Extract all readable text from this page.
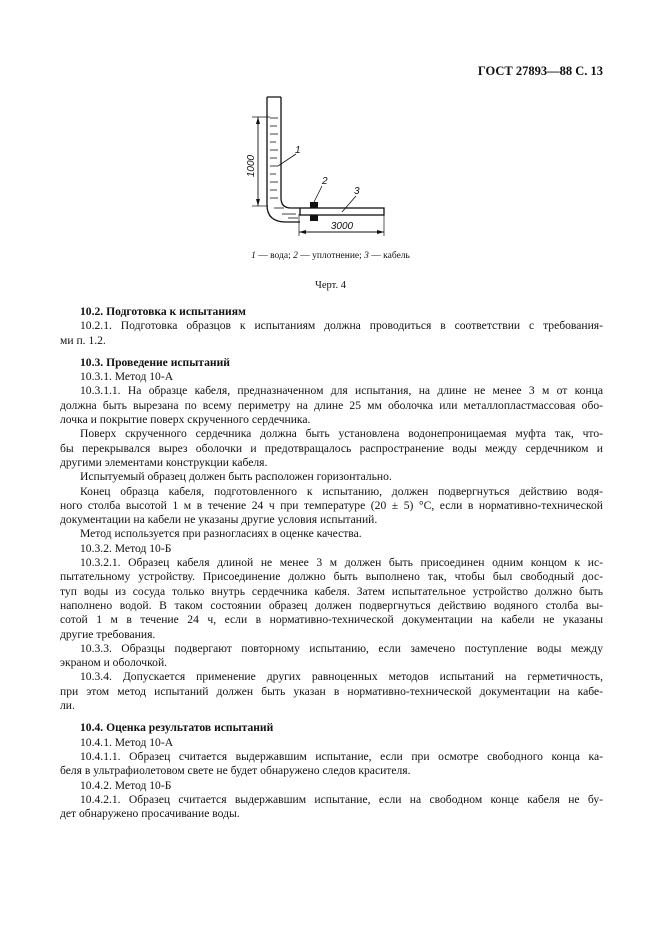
ГОСТ 27893—88 С. 13
1000
3000
1
2
3
1 — вода; 2 — уплотнение; 3 — кабель
Черт. 4
10.2. Подготовка к испытаниям
10.2.1. Подготовка образцов к испытаниям должна проводиться в соответствии с требования-
ми п. 1.2.
10.3. Проведение испытаний
10.3.1. Метод 10-А
10.3.1.1. На образце кабеля, предназначенном для испытания, на длине не менее 3 м от конца
должна быть вырезана по всему периметру на длине 25 мм оболочка или металлопластмассовая обо-
лочка и покрытие поверх скрученного сердечника.
Поверх скрученного сердечника должна быть установлена водонепроницаемая муфта так, что-
бы перекрывался вырез оболочки и предотвращалось распространение воды между сердечником и
другими элементами конструкции кабеля.
Испытуемый образец должен быть расположен горизонтально.
Конец образца кабеля, подготовленного к испытанию, должен подвергнуться действию водя-
ного столба высотой 1 м в течение 24 ч при температуре (20 ± 5) °С, если в нормативно-технической
документации на кабели не указаны другие условия испытаний.
Метод используется при разногласиях в оценке качества.
10.3.2. Метод 10-Б
10.3.2.1. Образец кабеля длиной не менее 3 м должен быть присоединен одним концом к ис-
пытательному устройству. Присоединение должно быть выполнено так, чтобы был свободный дос-
туп воды из сосуда только внутрь сердечника кабеля. Затем испытательное устройство должно быть
наполнено водой. В таком состоянии образец должен подвергнуться действию водяного столба вы-
сотой 1 м в течение 24 ч, если в нормативно-технической документации на кабели не указаны
другие требования.
10.3.3. Образцы подвергают повторному испытанию, если замечено поступление воды между
экраном и оболочкой.
10.3.4. Допускается применение других равноценных методов испытаний на герметичность,
при этом метод испытаний должен быть указан в нормативно-технической документации на кабе-
ли.
10.4. Оценка результатов испытаний
10.4.1. Метод 10-А
10.4.1.1. Образец считается выдержавшим испытание, если при осмотре свободного конца ка-
беля в ультрафиолетовом свете не будет обнаружено следов красителя.
10.4.2. Метод 10-Б
10.4.2.1. Образец считается выдержавшим испытание, если на свободном конце кабеля не бу-
дет обнаружено просачивание воды.
